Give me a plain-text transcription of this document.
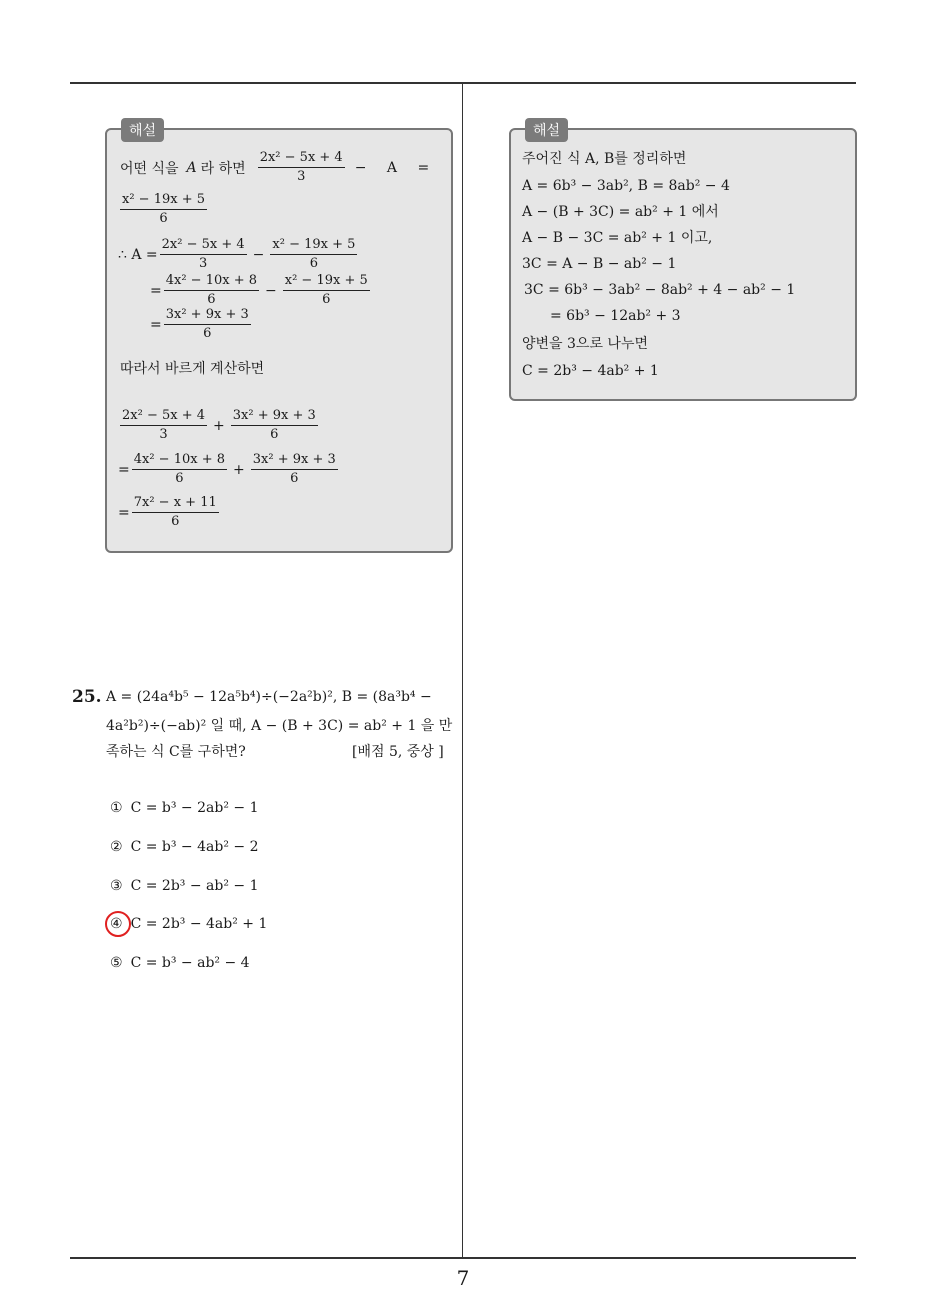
7
해설
어떤 식을 A 라 하면 $\frac{\text{2x² − 5x + 4}}{3} - A$ =
$\frac{\text{x² − 19x + 5}}{6}$
∴ $A = \frac{\text{2x² − 5x + 4}}{3} - \frac{\text{x² − 19x + 5}}{6}$
= $\frac{\text{4x² − 10x + 8}}{6} - \frac{\text{x² − 19x + 5}}{6}$
= $\frac{\text{3x² + 9x + 3}}{6}$
따라서 바르게 계산하면
$\frac{\text{2x² − 5x + 4}}{3} + \frac{\text{3x² + 9x + 3}}{6}$
= $\frac{\text{4x² − 10x + 8}}{6} + \frac{\text{3x² + 9x + 3}}{6}$
= $\frac{\text{7x² − x + 11}}{6}$
해설
주어진 식 A, B를 정리하면
A = 6b³ − 3ab², B = 8ab² − 4
A − (B + 3C) = ab² + 1 에서
A − B − 3C = ab² + 1 이고,
3C = A − B − ab² − 1
3C = 6b³ − 3ab² − 8ab² + 4 − ab² − 1
= 6b³ − 12ab² + 3
양변을 3으로 나누면
C = 2b³ − 4ab² + 1
25. A = (24a⁴b⁵ − 12a⁵b⁴)÷(−2a²b)², B = (8a³b⁴ −
4a²b²)÷(−ab)² 일 때, A − (B + 3C) = ab² + 1 을 만
족하는 식 C를 구하면?	[배점 5, 중상 ]
① C = b³ − 2ab² − 1
② C = b³ − 4ab² − 2
③ C = 2b³ − ab² − 1
④ C = 2b³ − 4ab² + 1
⑤ C = b³ − ab² − 4
